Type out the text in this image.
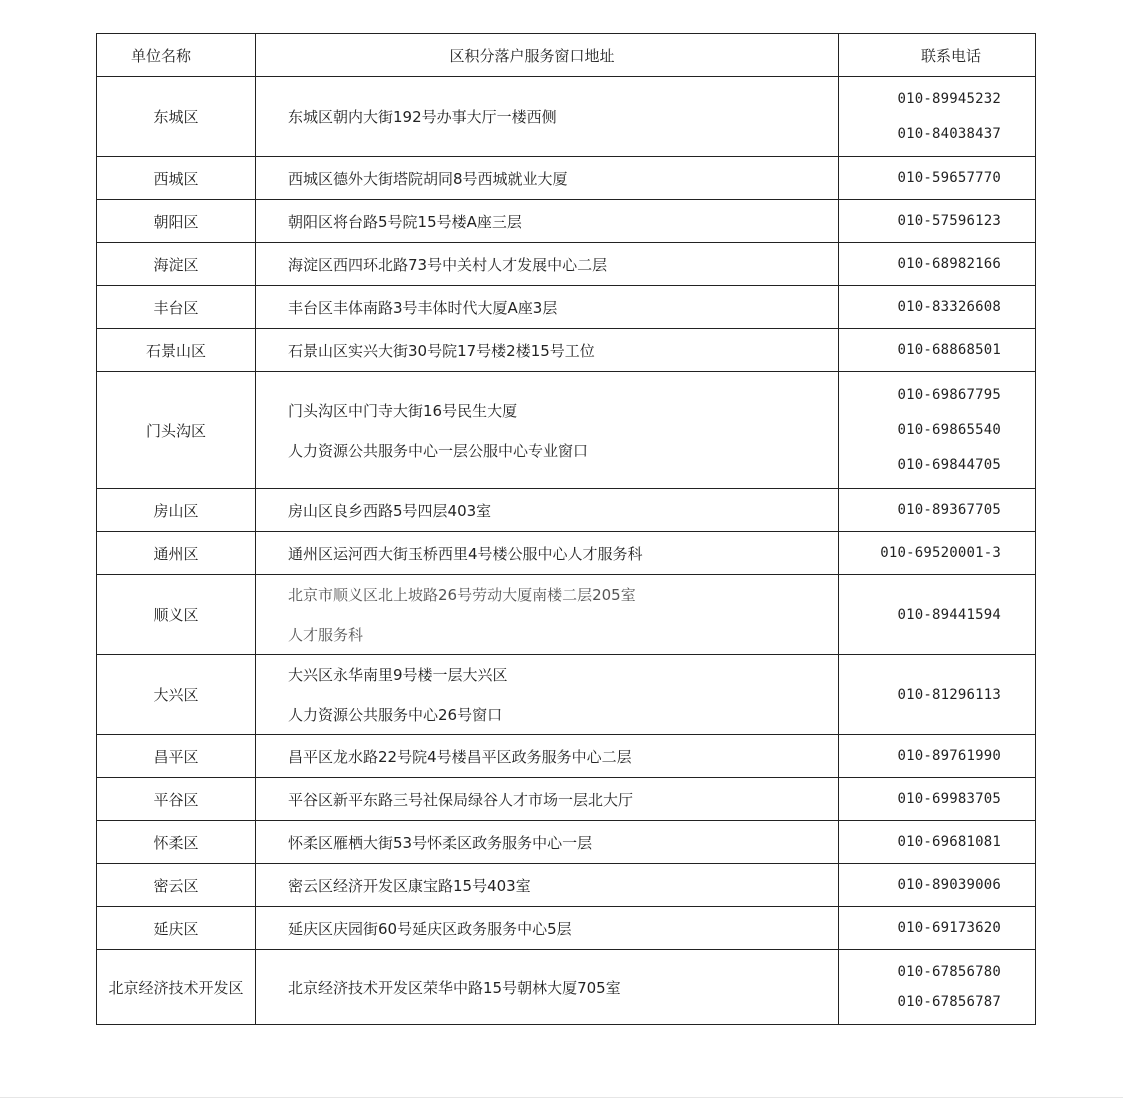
单位名称	区积分落户服务窗口地址	联系电话
东城区	东城区朝内大街192号办事大厅一楼西侧	010-89945232
010-84038437

西城区	西城区德外大街塔院胡同8号西城就业大厦	010-59657770

朝阳区	朝阳区将台路5号院15号楼A座三层	010-57596123

海淀区	海淀区西四环北路73号中关村人才发展中心二层	010-68982166

丰台区	丰台区丰体南路3号丰体时代大厦A座3层	010-83326608

石景山区	石景山区实兴大街30号院17号楼2楼15号工位	010-68868501

门头沟区	门头沟区中门寺大街16号民生大厦
人力资源公共服务中心一层公服中心专业窗口	010-69867795
010-69865540
010-69844705

房山区	房山区良乡西路5号四层403室	010-89367705

通州区	通州区运河西大街玉桥西里4号楼公服中心人才服务科	010-69520001-3

顺义区	北京市顺义区北上坡路26号劳动大厦南楼二层205室
人才服务科	010-89441594

大兴区	大兴区永华南里9号楼一层大兴区
人力资源公共服务中心26号窗口	010-81296113

昌平区	昌平区龙水路22号院4号楼昌平区政务服务中心二层	010-89761990

平谷区	平谷区新平东路三号社保局绿谷人才市场一层北大厅	010-69983705

怀柔区	怀柔区雁栖大街53号怀柔区政务服务中心一层	010-69681081

密云区	密云区经济开发区康宝路15号403室	010-89039006

延庆区	延庆区庆园街60号延庆区政务服务中心5层	010-69173620

北京经济技术开发区	北京经济技术开发区荣华中路15号朝林大厦705室	010-67856780
010-67856787
